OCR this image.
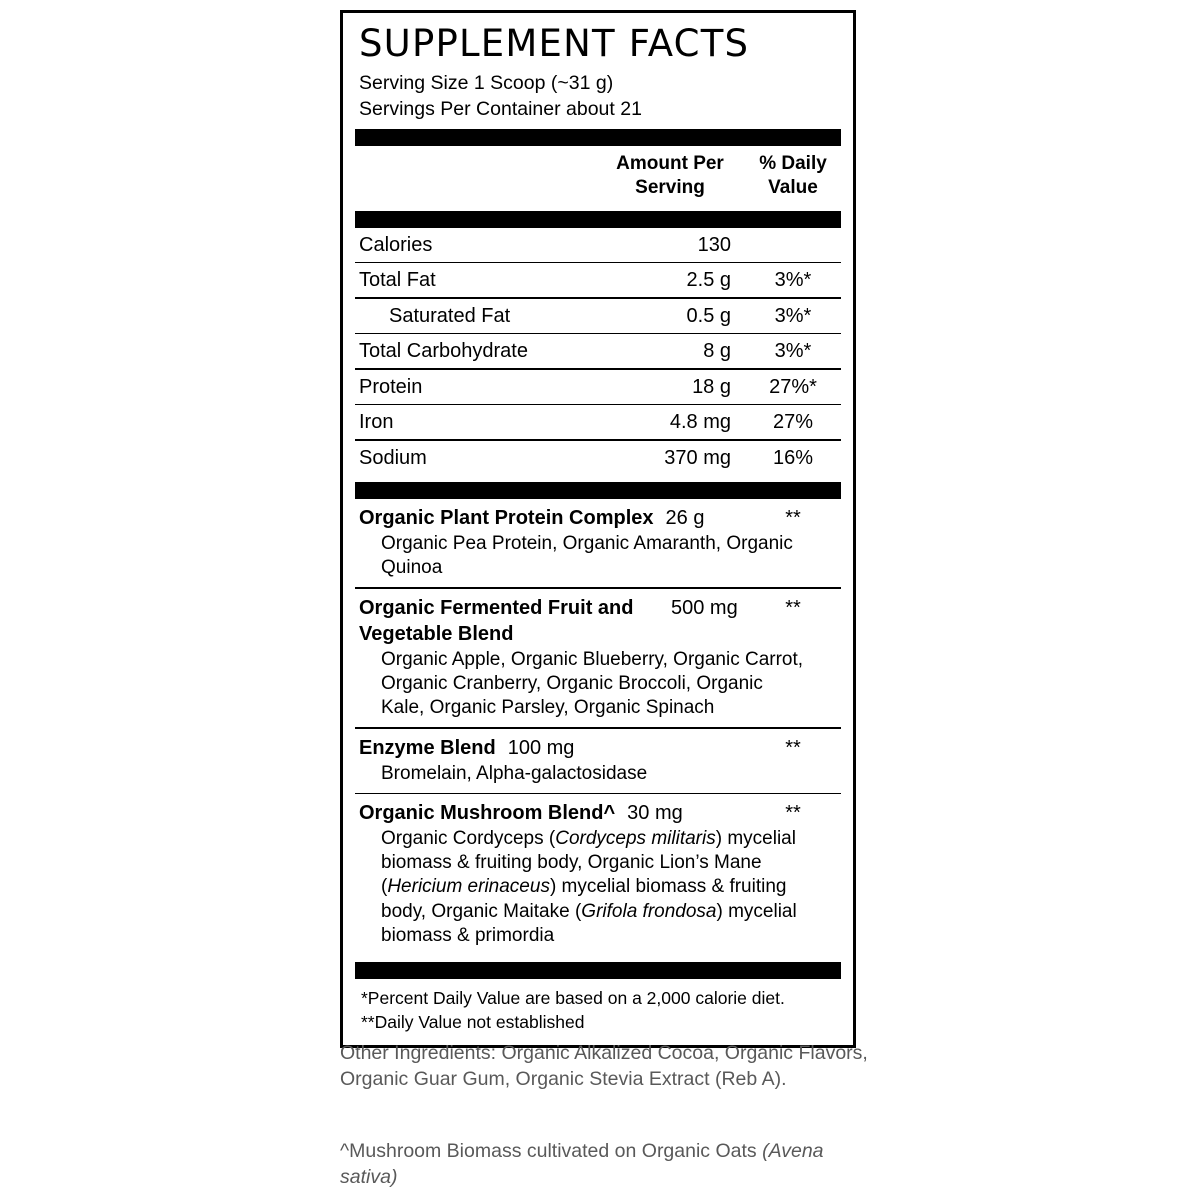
SUPPLEMENT FACTS
Serving Size 1 Scoop (~31 g)
Servings Per Container about 21
Amount Per
Serving
% Daily
Value
Calories	130
Total Fat	2.5 g	3%*
Saturated Fat	0.5 g	3%*
Total Carbohydrate	8 g	3%*
Protein	18 g	27%*
Iron	4.8 mg	27%
Sodium	370 mg	16%
Organic Plant Protein Complex 26 g	**
Organic Pea Protein, Organic Amaranth, Organic Quinoa
Organic Fermented Fruit and Vegetable Blend
500 mg	**
Organic Apple, Organic Blueberry, Organic Carrot, Organic Cranberry, Organic Broccoli, Organic Kale, Organic Parsley, Organic Spinach
Enzyme Blend 100 mg	**
Bromelain, Alpha-galactosidase
Organic Mushroom Blend^ 30 mg	**
Organic Cordyceps (Cordyceps militaris) mycelial biomass & fruiting body, Organic Lion’s Mane (Hericium erinaceus) mycelial biomass & fruiting body, Organic Maitake (Grifola frondosa) mycelial biomass & primordia
*Percent Daily Value are based on a 2,000 calorie diet.
**Daily Value not established
Other Ingredients: Organic Alkalized Cocoa, Organic Flavors, Organic Guar Gum, Organic Stevia Extract (Reb A).
^Mushroom Biomass cultivated on Organic Oats (Avena sativa)
